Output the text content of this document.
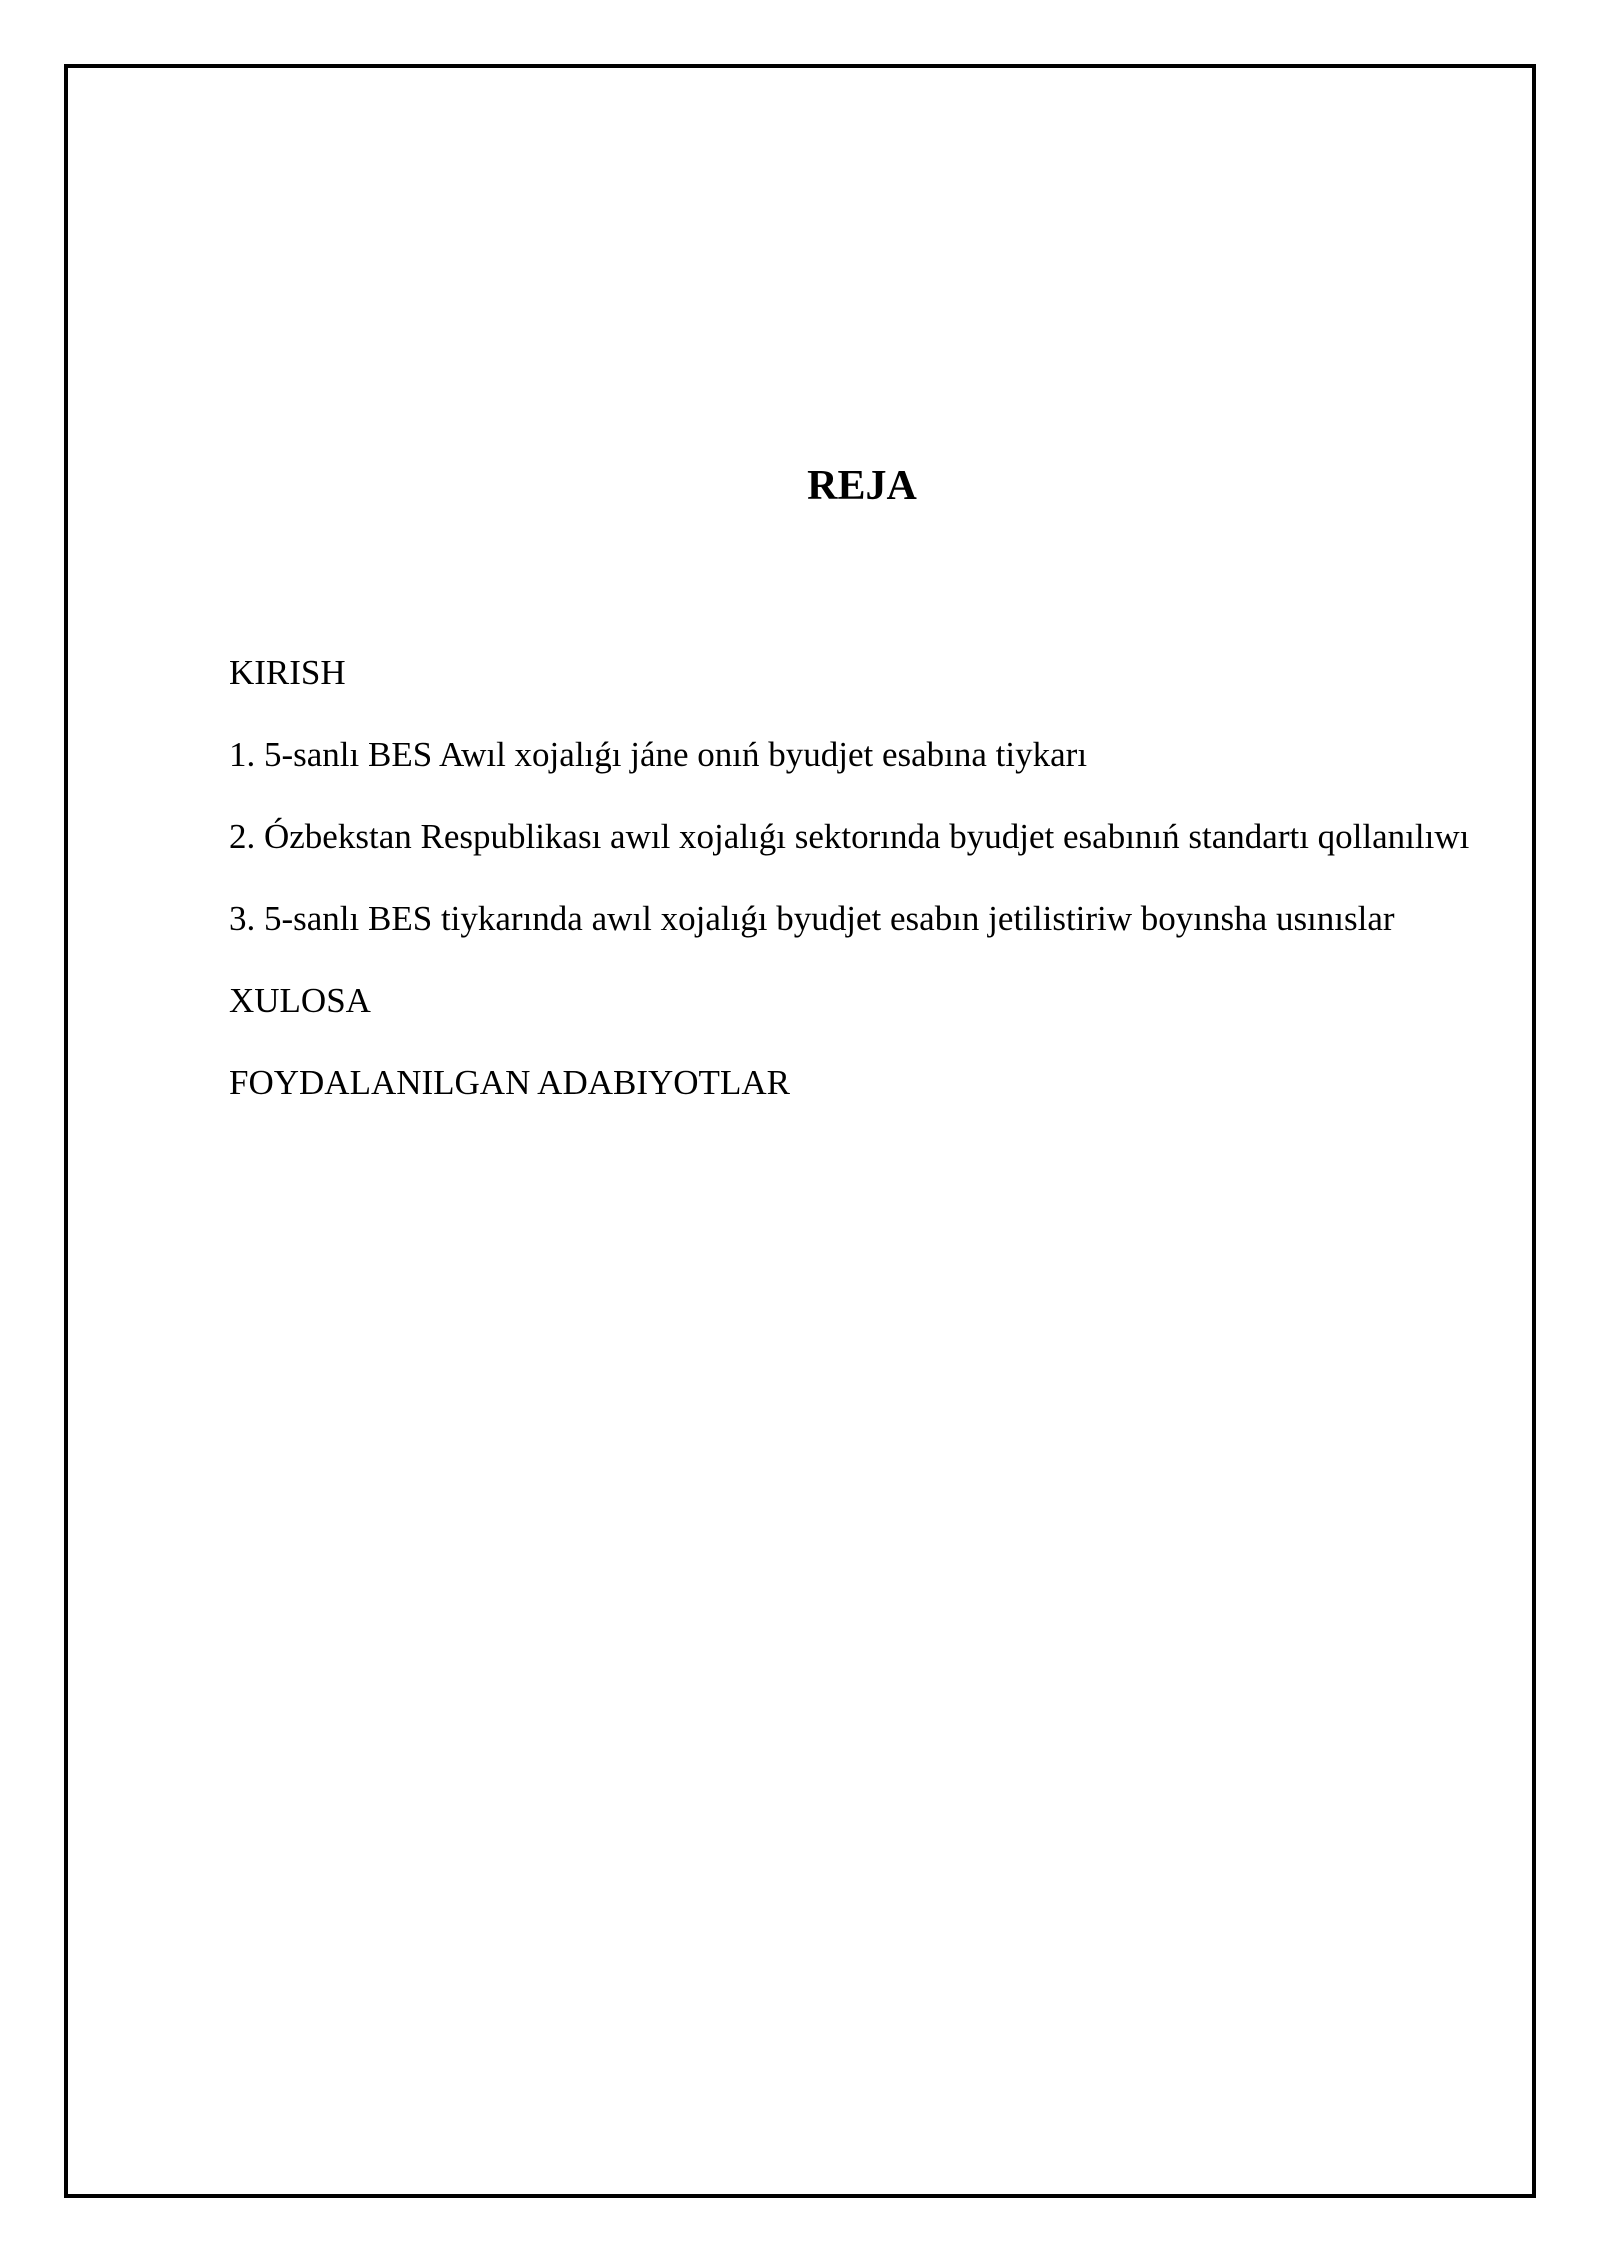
REJA
KIRISH
1. 5-sanlı BES Awıl xojalıǵı jáne onıń byudjet esabına tiykarı
2. Ózbekstan Respublikası awıl xojalıǵı sektorında byudjet esabınıń standartı qollanılıwı
3. 5-sanlı BES tiykarında awıl xojalıǵı byudjet esabın jetilistiriw boyınsha usınıslar
XULOSA
FOYDALANILGAN ADABIYOTLAR
